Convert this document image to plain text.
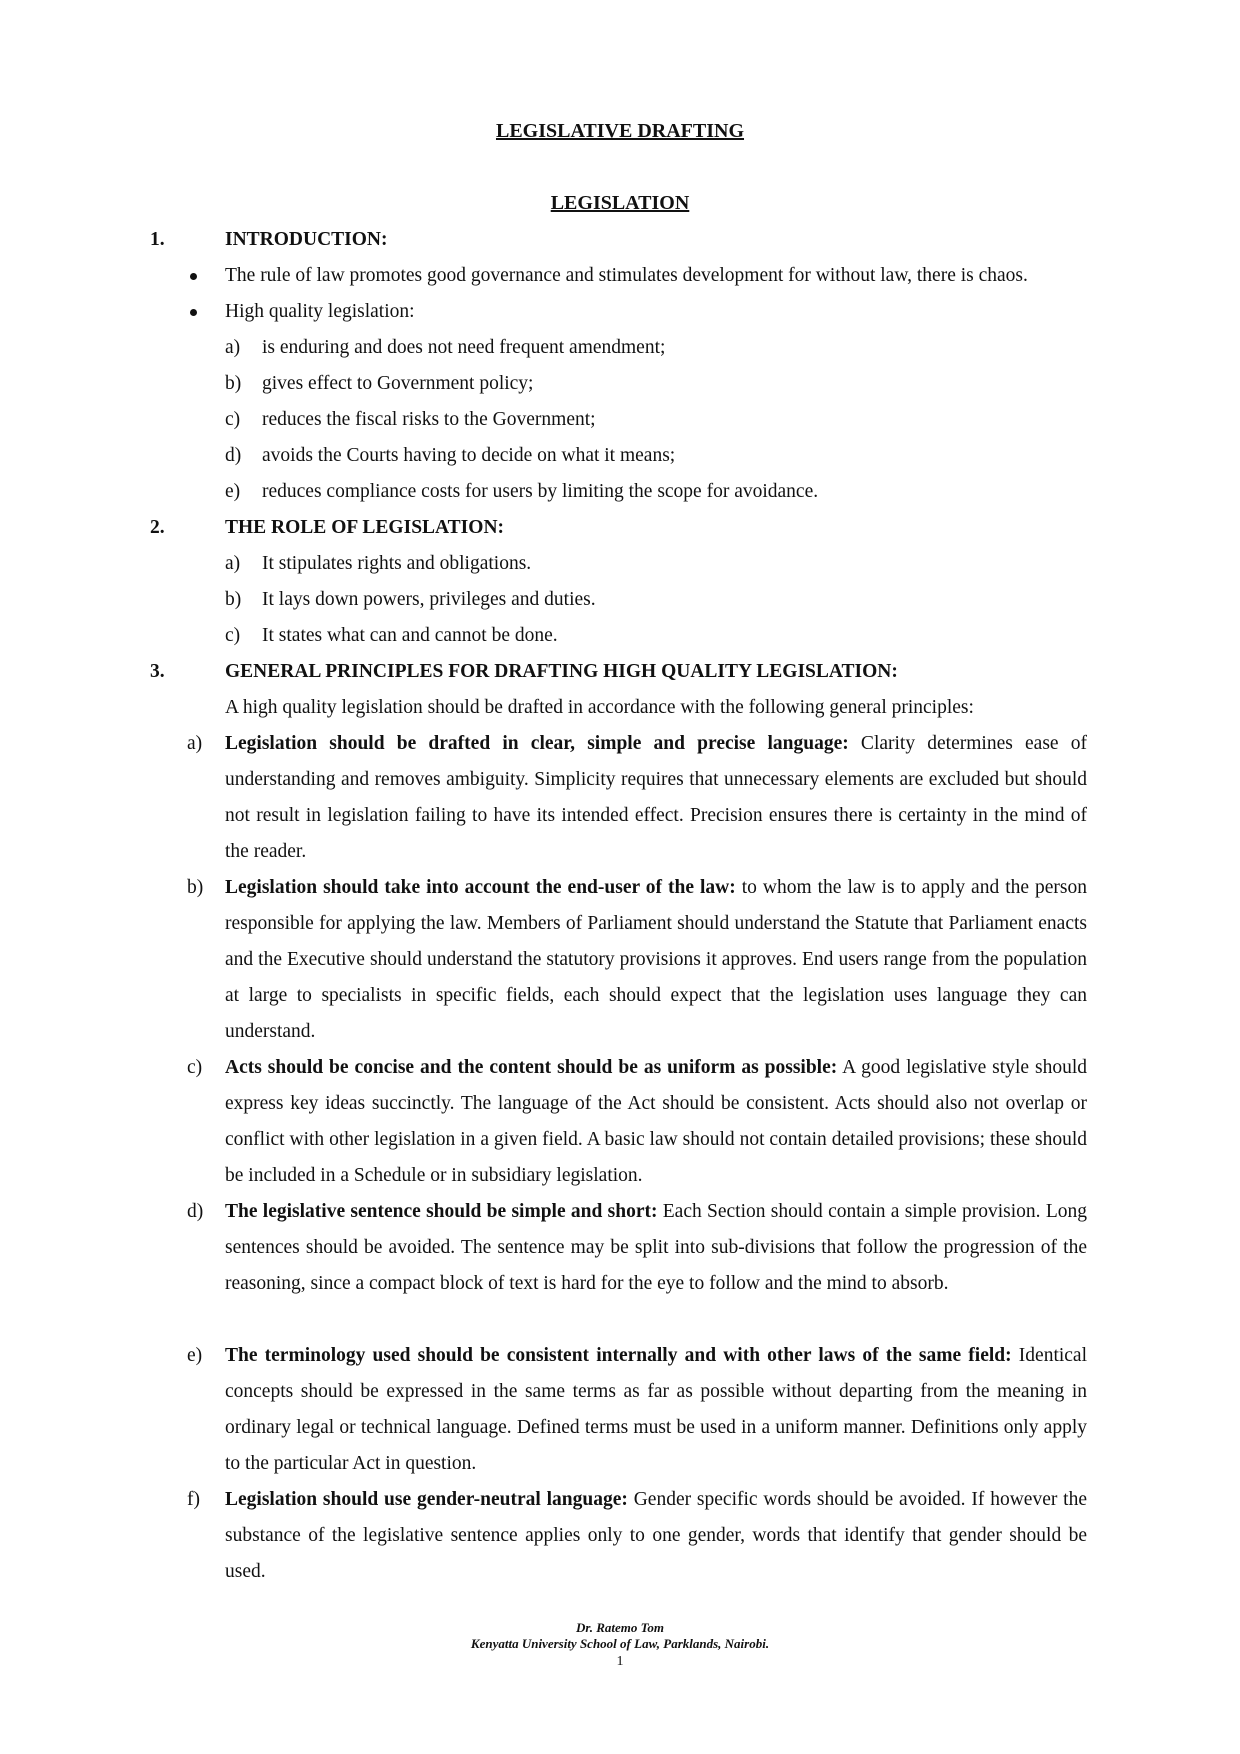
LEGISLATIVE DRAFTING
LEGISLATION
1.	INTRODUCTION:
The rule of law promotes good governance and stimulates development for without law, there is chaos.
High quality legislation:
a) is enduring and does not need frequent amendment;
b) gives effect to Government policy;
c) reduces the fiscal risks to the Government;
d) avoids the Courts having to decide on what it means;
e) reduces compliance costs for users by limiting the scope for avoidance.
2.	THE ROLE OF LEGISLATION:
a) It stipulates rights and obligations.
b) It lays down powers, privileges and duties.
c) It states what can and cannot be done.
3.	GENERAL PRINCIPLES FOR DRAFTING HIGH QUALITY LEGISLATION:
A high quality legislation should be drafted in accordance with the following general principles:
a) Legislation should be drafted in clear, simple and precise language: Clarity determines ease of understanding and removes ambiguity. Simplicity requires that unnecessary elements are excluded but should not result in legislation failing to have its intended effect. Precision ensures there is certainty in the mind of the reader.
b) Legislation should take into account the end-user of the law: to whom the law is to apply and the person responsible for applying the law. Members of Parliament should understand the Statute that Parliament enacts and the Executive should understand the statutory provisions it approves. End users range from the population at large to specialists in specific fields, each should expect that the legislation uses language they can understand.
c) Acts should be concise and the content should be as uniform as possible: A good legislative style should express key ideas succinctly. The language of the Act should be consistent. Acts should also not overlap or conflict with other legislation in a given field. A basic law should not contain detailed provisions; these should be included in a Schedule or in subsidiary legislation.
d) The legislative sentence should be simple and short: Each Section should contain a simple provision. Long sentences should be avoided. The sentence may be split into sub-divisions that follow the progression of the reasoning, since a compact block of text is hard for the eye to follow and the mind to absorb.
e) The terminology used should be consistent internally and with other laws of the same field: Identical concepts should be expressed in the same terms as far as possible without departing from the meaning in ordinary legal or technical language. Defined terms must be used in a uniform manner. Definitions only apply to the particular Act in question.
f) Legislation should use gender-neutral language: Gender specific words should be avoided. If however the substance of the legislative sentence applies only to one gender, words that identify that gender should be used.
Dr. Ratemo Tom
Kenyatta University School of Law, Parklands, Nairobi.
1
